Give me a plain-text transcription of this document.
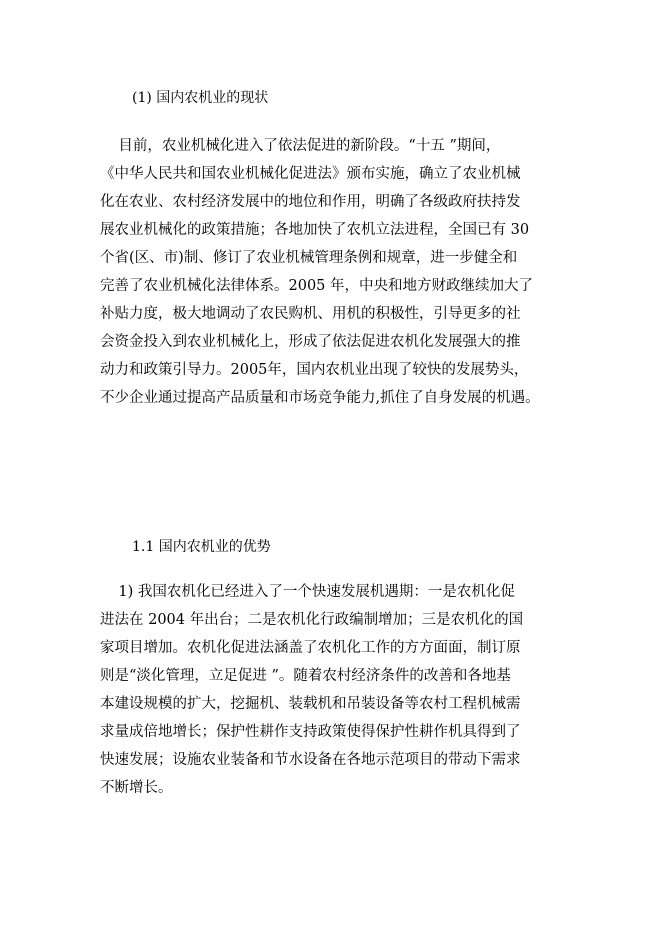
(1) 国内农机业的现状
目前，农业机械化进入了依法促进的新阶段。“十五 ”期间，
《中华人民共和国农业机械化促进法》颁布实施，确立了农业机械
化在农业、农村经济发展中的地位和作用，明确了各级政府扶持发
展农业机械化的政策措施；各地加快了农机立法进程，全国已有 30
个省(区、市)制、修订了农业机械管理条例和规章，进一步健全和
完善了农业机械化法律体系。2005 年，中央和地方财政继续加大了
补贴力度，极大地调动了农民购机、用机的积极性，引导更多的社
会资金投入到农业机械化上，形成了依法促进农机化发展强大的推
动力和政策引导力。2005年，国内农机业出现了较快的发展势头，
不少企业通过提高产品质量和市场竞争能力,抓住了自身发展的机遇。
1.1 国内农机业的优势
1) 我国农机化已经进入了一个快速发展机遇期：一是农机化促
进法在 2004 年出台；二是农机化行政编制增加；三是农机化的国
家项目增加。农机化促进法涵盖了农机化工作的方方面面，制订原
则是“淡化管理，立足促进 ”。随着农村经济条件的改善和各地基
本建设规模的扩大，挖掘机、装载机和吊装设备等农村工程机械需
求量成倍地增长；保护性耕作支持政策使得保护性耕作机具得到了
快速发展；设施农业装备和节水设备在各地示范项目的带动下需求
不断增长。
